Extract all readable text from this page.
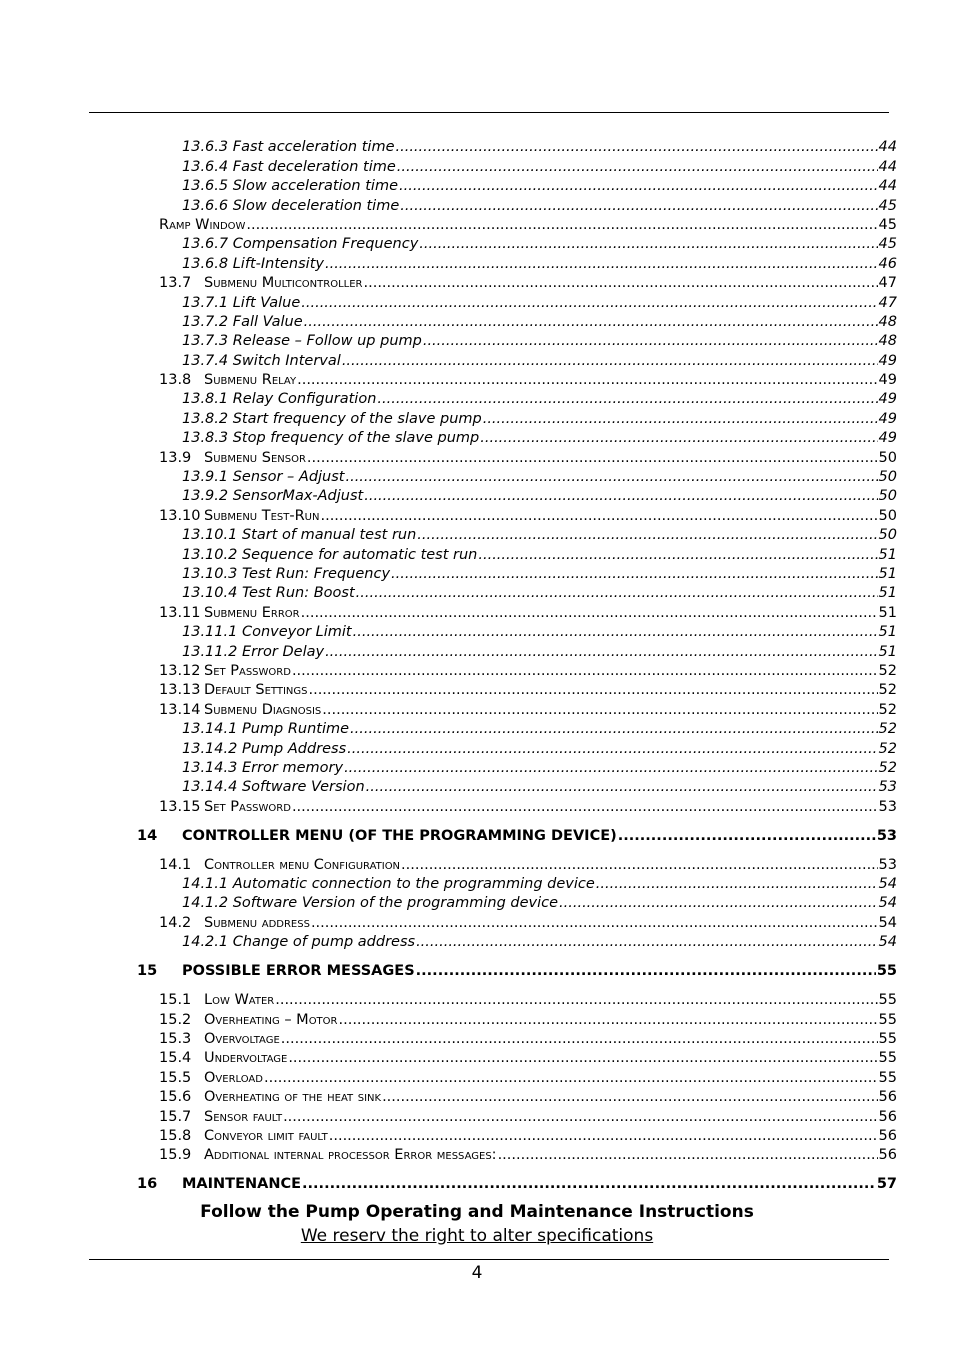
13.6.3 Fast acceleration time .....	44
13.6.4 Fast deceleration time .....	44
13.6.5 Slow acceleration time .....	44
13.6.6 Slow deceleration time .....	45
Ramp Window .....	45
13.6.7 Compensation Frequency .....	45
13.6.8 Lift-Intensity .....	46
13.7 Submenu Multicontroller .....	47
13.7.1 Lift Value .....	47
13.7.2 Fall Value .....	48
13.7.3 Release – Follow up pump .....	48
13.7.4 Switch Interval .....	49
13.8 Submenu Relay .....	49
13.8.1 Relay Configuration .....	49
13.8.2 Start frequency of the slave pump .....	49
13.8.3 Stop frequency of the slave pump .....	49
13.9 Submenu Sensor .....	50
13.9.1 Sensor – Adjust .....	50
13.9.2 SensorMax-Adjust .....	50
13.10 Submenu Test-Run .....	50
13.10.1 Start of manual test run .....	50
13.10.2 Sequence for automatic test run .....	51
13.10.3 Test Run: Frequency .....	51
13.10.4 Test Run: Boost .....	51
13.11 Submenu Error .....	51
13.11.1 Conveyor Limit .....	51
13.11.2 Error Delay .....	51
13.12 Set Password .....	52
13.13 Default Settings .....	52
13.14 Submenu Diagnosis .....	52
13.14.1 Pump Runtime .....	52
13.14.2 Pump Address .....	52
13.14.3 Error memory .....	52
13.14.4 Software Version .....	53
13.15 Set Password .....	53
14	CONTROLLER MENU (OF THE PROGRAMMING DEVICE) .....	53
14.1 Controller menu Configuration .....	53
14.1.1 Automatic connection to the programming device .....	54
14.1.2 Software Version of the programming device .....	54
14.2 Submenu address .....	54
14.2.1 Change of pump address .....	54
15	POSSIBLE ERROR MESSAGES .....	55
15.1 Low Water .....	55
15.2 Overheating – Motor .....	55
15.3 Overvoltage .....	55
15.4 Undervoltage .....	55
15.5 Overload .....	55
15.6 Overheating of the heat sink .....	56
15.7 Sensor fault .....	56
15.8 Conveyor limit fault .....	56
15.9 Additional internal processor Error messages: .....	56
16	MAINTENANCE .....	57
Follow the Pump Operating and Maintenance Instructions
We reserv the right to alter specifications
4
